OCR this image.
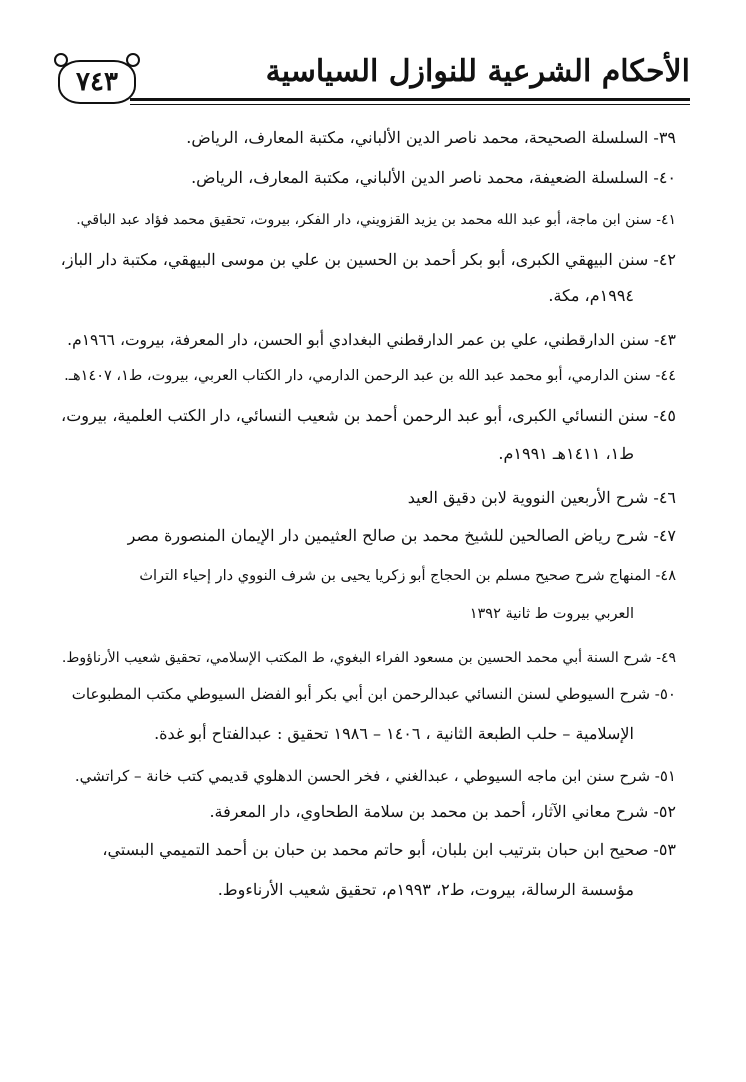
الأحكام الشرعية للنوازل السياسية
٧٤٣
٣٩- السلسلة الصحيحة، محمد ناصر الدين الألباني، مكتبة المعارف، الرياض.
٤٠- السلسلة الضعيفة، محمد ناصر الدين الألباني، مكتبة المعارف، الرياض.
٤١- سنن ابن ماجة، أبو عبد الله محمد بن يزيد القزويني، دار الفكر، بيروت، تحقيق محمد فؤاد عبد الباقي.
٤٢- سنن البيهقي الكبرى، أبو بكر أحمد بن الحسين بن علي بن موسى البيهقي، مكتبة دار الباز،
١٩٩٤م، مكة.
٤٣- سنن الدارقطني، علي بن عمر الدارقطني البغدادي أبو الحسن، دار المعرفة، بيروت، ١٩٦٦م.
٤٤- سنن الدارمي، أبو محمد عبد الله بن عبد الرحمن الدارمي، دار الكتاب العربي، بيروت، ط١، ١٤٠٧هـ.
٤٥- سنن النسائي الكبرى، أبو عبد الرحمن أحمد بن شعيب النسائي، دار الكتب العلمية، بيروت،
ط١، ١٤١١هـ ١٩٩١م.
٤٦- شرح الأربعين النووية لابن دقيق العيد
٤٧- شرح رياض الصالحين للشيخ محمد بن صالح العثيمين دار الإيمان المنصورة مصر
٤٨- المنهاج شرح صحيح مسلم بن الحجاج أبو زكريا يحيى بن شرف النووي دار إحياء التراث
العربي بيروت ط ثانية ١٣٩٢
٤٩- شرح السنة أبي محمد الحسين بن مسعود الفراء البغوي، ط المكتب الإسلامي، تحقيق شعيب الأرناؤوط.
٥٠- شرح السيوطي لسنن النسائي عبدالرحمن ابن أبي بكر أبو الفضل السيوطي مكتب المطبوعات
الإسلامية – حلب الطبعة الثانية ، ١٤٠٦ – ١٩٨٦ تحقيق : عبدالفتاح أبو غدة.
٥١- شرح سنن ابن ماجه السيوطي ، عبدالغني ، فخر الحسن الدهلوي قديمي كتب خانة – كراتشي.
٥٢- شرح معاني الآثار، أحمد بن محمد بن سلامة الطحاوي، دار المعرفة.
٥٣- صحيح ابن حبان بترتيب ابن بلبان، أبو حاتم محمد بن حبان بن أحمد التميمي البستي،
مؤسسة الرسالة، بيروت، ط٢، ١٩٩٣م، تحقيق شعيب الأرناءوط.
